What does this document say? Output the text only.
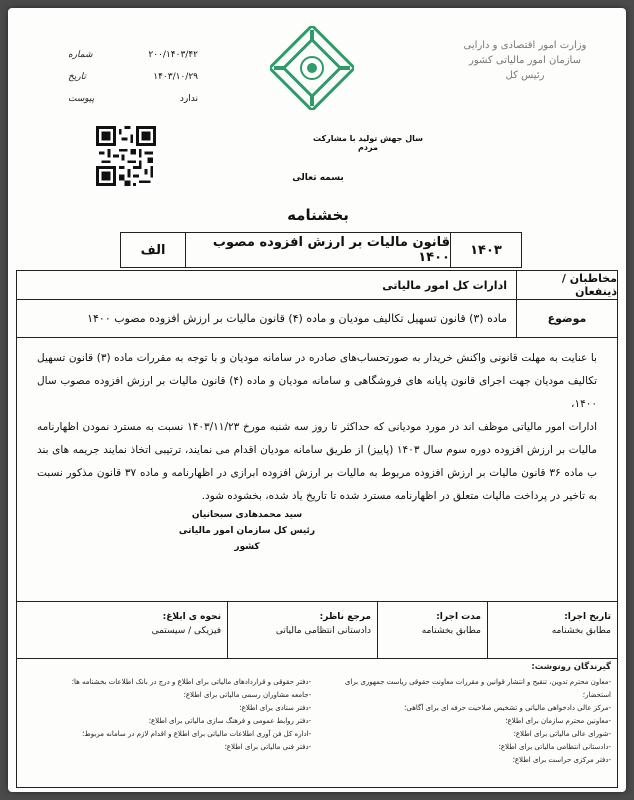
وزارت امور اقتصادی و دارایی
سازمان امور مالیاتی کشور
رئیس کل
۲۰۰/۱۴۰۳/۴۲
شماره
۱۴۰۳/۱۰/۲۹
تاریخ
ندارد
پیوست
سال جهش تولید با مشارکت مردم
بسمه تعالی
بخشنامه
۱۴۰۳
قانون مالیات بر ارزش افزوده مصوب ۱۴۰۰
الف
مخاطبان / ذینفعان
ادارات کل امور مالیاتی
موضوع
ماده (۳) قانون تسهیل تکالیف مودیان و ماده (۴) قانون مالیات بر ارزش افزوده مصوب ۱۴۰۰

با عنایت به مهلت قانونی واکنش خریدار به صورتحساب‌های صادره در سامانه مودیان و با توجه به مقررات ماده (۳) قانون تسهیل تکالیف مودیان جهت اجرای قانون پایانه های فروشگاهی و سامانه مودیان و ماده (۴) قانون مالیات بر ارزش افزوده مصوب سال ۱۴۰۰،

ادارات امور مالیاتی موظف اند در مورد مودیانی که حداکثر تا روز سه شنبه مورخ ۱۴۰۳/۱۱/۲۳ نسبت به مسترد نمودن اظهارنامه مالیات بر ارزش افزوده دوره سوم سال ۱۴۰۳ (پاییز) از طریق سامانه مودیان اقدام می نمایند، ترتیبی اتخاذ نمایند جریمه های بند ب ماده ۳۶ قانون مالیات بر ارزش افزوده مربوط به مالیات بر ارزش افزوده ابرازی در اظهارنامه و ماده ۳۷ قانون مذکور نسبت به تاخیر در پرداخت مالیات متعلق در اظهارنامه مسترد شده تا تاریخ یاد شده، بخشوده شود.

سید محمدهادی سبحانیان
رئیس کل سازمان امور مالیاتی کشور
تاریخ اجرا:
مطابق بخشنامه
مدت اجرا:
مطابق بخشنامه
مرجع ناظر:
دادستانی انتظامی مالیاتی
نحوه ی ابلاغ:
فیزیکی / سیستمی
گیرندگان رونوشت:
-معاون محترم تدوین، تنقیح و انتشار قوانین و مقررات معاونت حقوقی ریاست جمهوری برای استحضار؛
-مرکز عالی دادخواهی مالیاتی و تشخیص صلاحیت حرفه ای برای آگاهی؛
-معاونین محترم سازمان برای اطلاع؛
-شورای عالی مالیاتی برای اطلاع؛
-دادستانی انتظامی مالیاتی برای اطلاع؛
-دفتر مرکزی حراست برای اطلاع؛
-دفتر حقوقی و قراردادهای مالیاتی برای اطلاع و درج در بانک اطلاعات بخشنامه ها؛
-جامعه مشاوران رسمی مالیاتی برای اطلاع؛
-دفتر ستادی برای اطلاع؛
-دفتر روابط عمومی و فرهنگ سازی مالیاتی برای اطلاع؛
-اداره کل فن آوری اطلاعات مالیاتی برای اطلاع و اقدام لازم در سامانه مربوط؛
-دفتر فنی مالیاتی برای اطلاع؛
